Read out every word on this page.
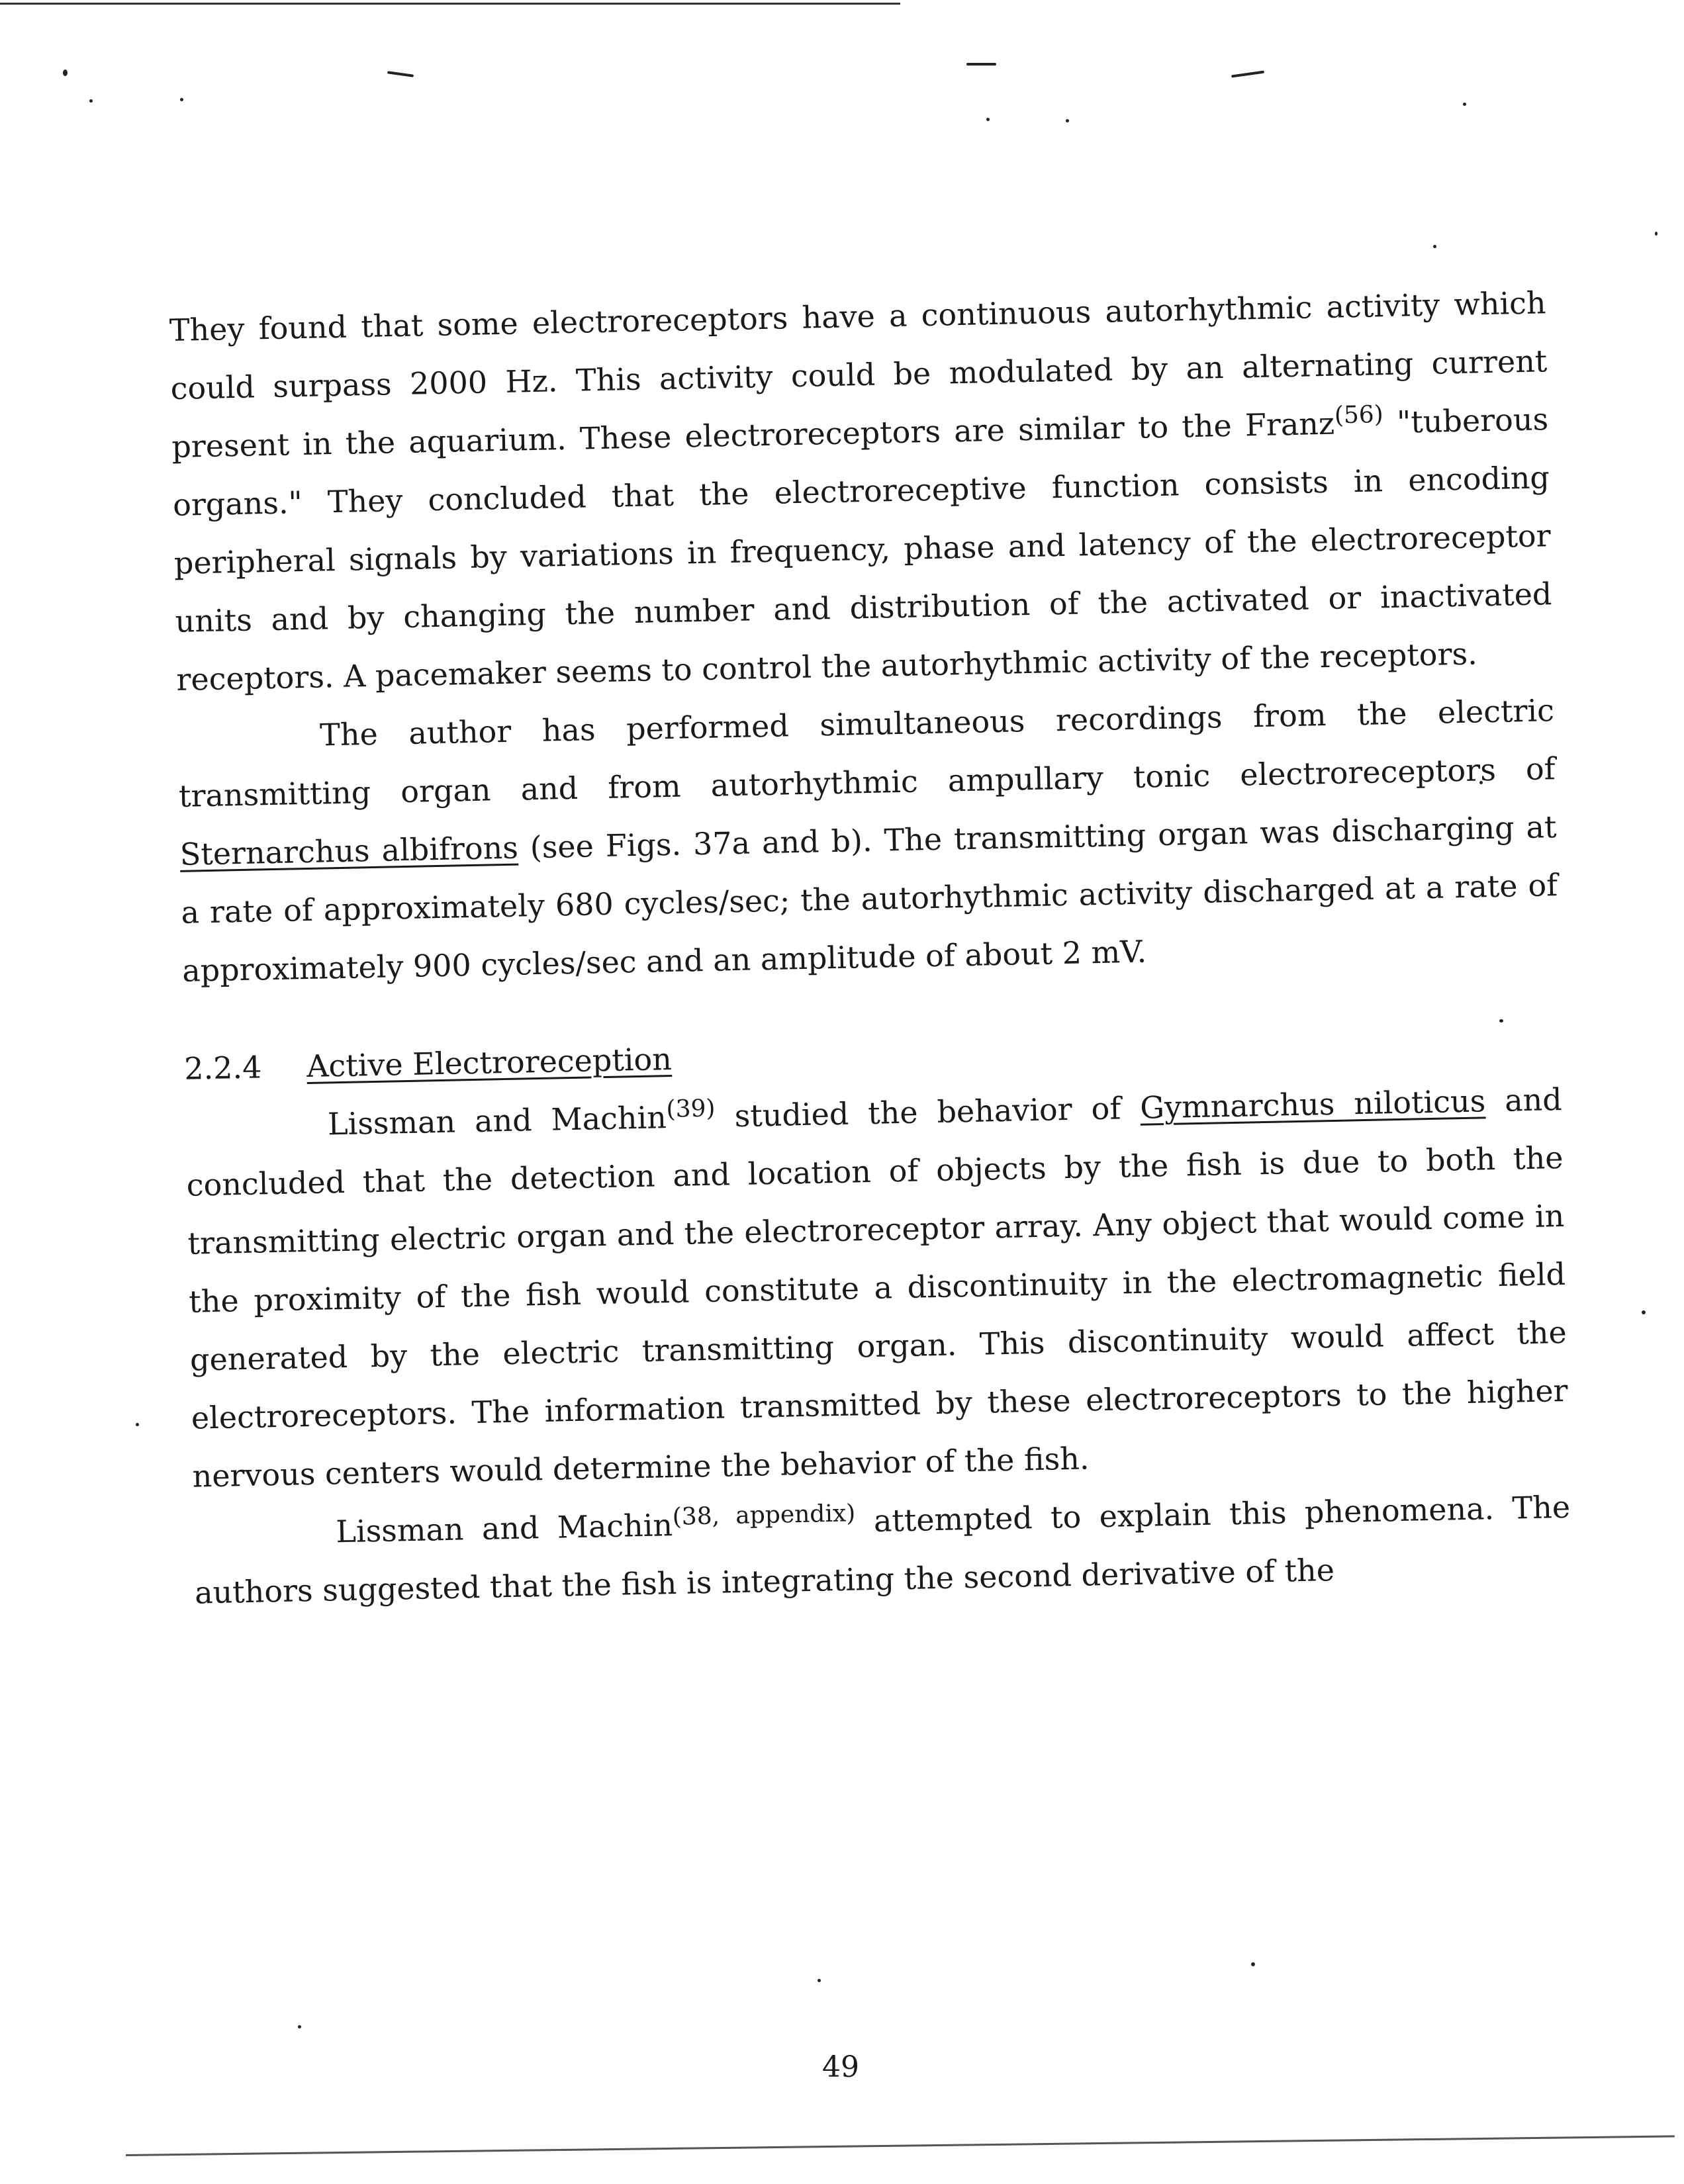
They found that some electroreceptors have a continuous autorhythmic activity which could surpass 2000 Hz. This activity could be modulated by an alternating current present in the aquarium. These electroreceptors are similar to the Franz$^{(56)}$ "tuberous organs." They concluded that the electroreceptive function consists in encoding peripheral signals by variations in frequency, phase and latency of the electroreceptor units and by changing the number and distribution of the activated or inactivated receptors. A pacemaker seems to control the autorhythmic activity of the receptors.

The author has performed simultaneous recordings from the electric transmitting organ and from autorhythmic ampullary tonic electroreceptors of Sternarchus albifrons (see Figs. 37a and b). The transmitting organ was discharging at a rate of approximately 680 cycles/sec; the autorhythmic activity discharged at a rate of approximately 900 cycles/sec and an amplitude of about 2 mV.

2.2.4 Active Electroreception

Lissman and Machin$^{(39)}$ studied the behavior of Gymnarchus niloticus and concluded that the detection and location of objects by the fish is due to both the transmitting electric organ and the electroreceptor array. Any object that would come in the proximity of the fish would constitute a discontinuity in the electromagnetic field generated by the electric transmitting organ. This discontinuity would affect the electroreceptors. The information transmitted by these electroreceptors to the higher nervous centers would determine the behavior of the fish.

Lissman and Machin$^{(38, appendix)}$ attempted to explain this phenomena. The authors suggested that the fish is integrating the second derivative of the

49
